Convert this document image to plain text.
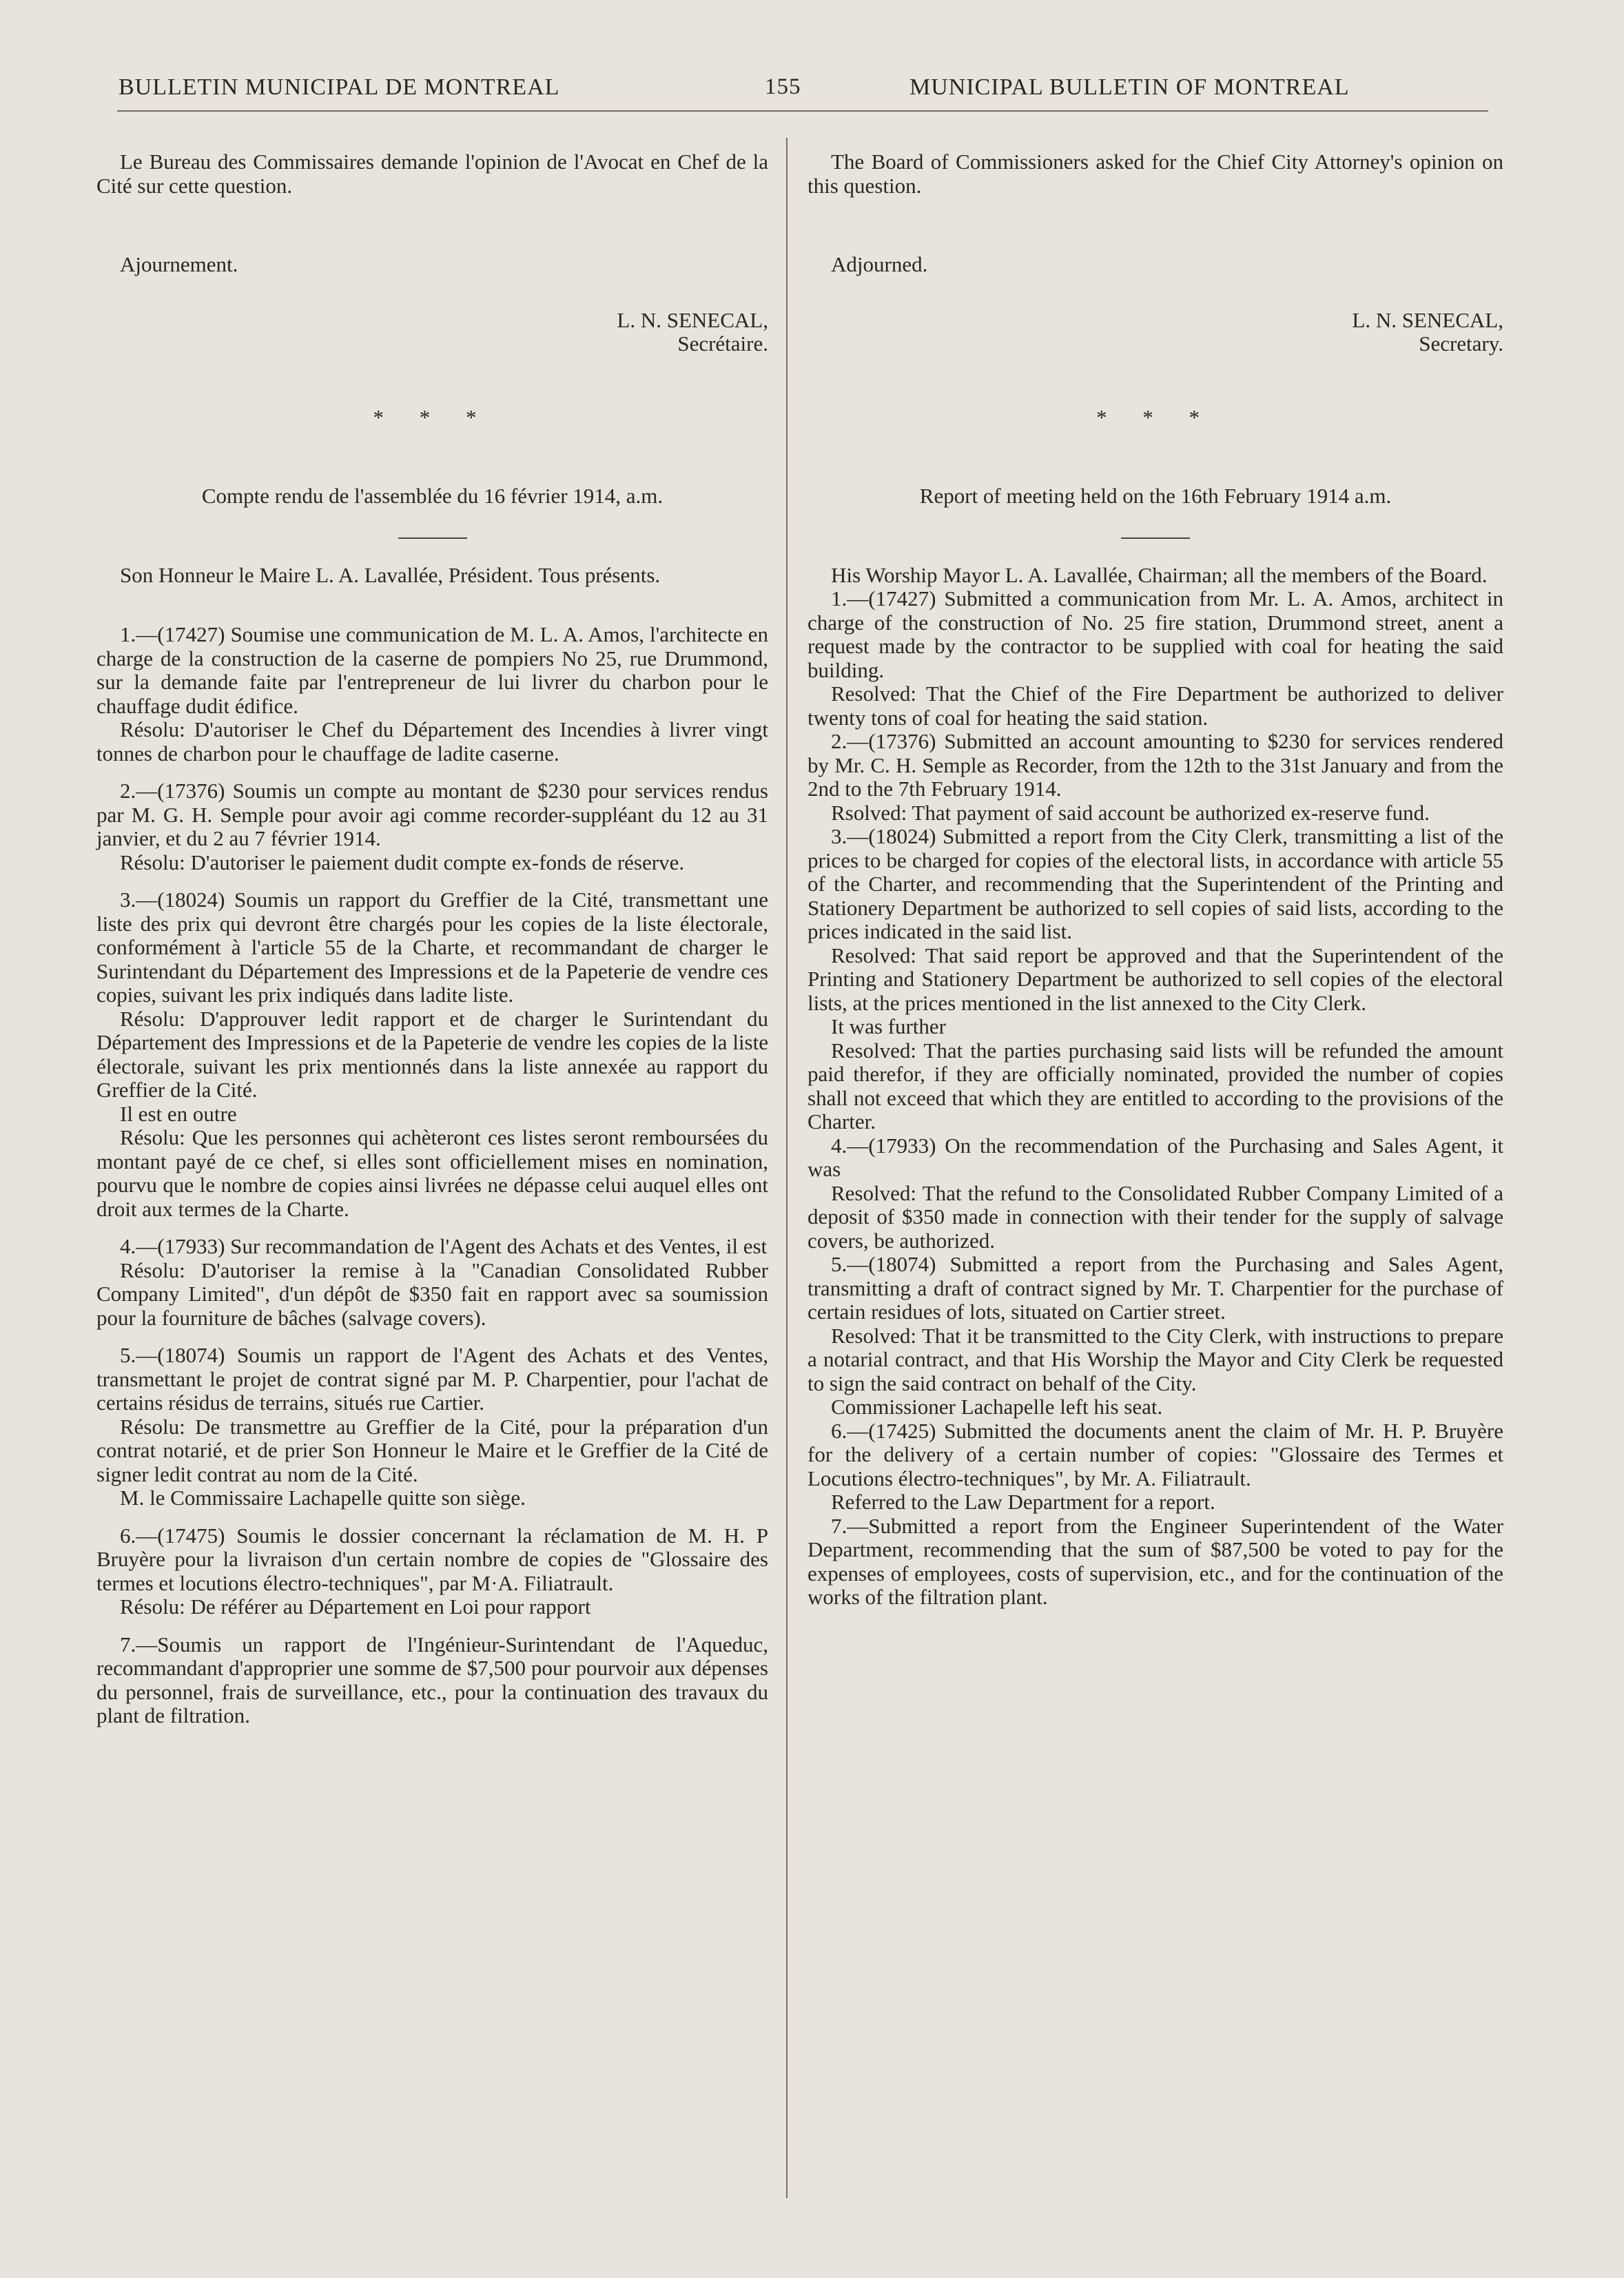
BULLETIN MUNICIPAL DE MONTREAL	155	MUNICIPAL BULLETIN OF MONTREAL

Le Bureau des Commissaires demande l'opinion de l'Avocat en Chef de la Cité sur cette question.

Ajournement.

L. N. SENECAL,

Secrétaire.

* * *

Compte rendu de l'assemblée du 16 février 1914, a.m.

Son Honneur le Maire L. A. Lavallée, Président. Tous présents.

1.—(17427) Soumise une communication de M. L. A. Amos, l'architecte en charge de la construction de la caserne de pompiers No 25, rue Drummond, sur la demande faite par l'entrepreneur de lui livrer du charbon pour le chauffage dudit édifice.

Résolu: D'autoriser le Chef du Département des Incendies à livrer vingt tonnes de charbon pour le chauffage de ladite caserne.

2.—(17376) Soumis un compte au montant de $230 pour services rendus par M. G. H. Semple pour avoir agi comme recorder-suppléant du 12 au 31 janvier, et du 2 au 7 février 1914.

Résolu: D'autoriser le paiement dudit compte ex-fonds de réserve.

3.—(18024) Soumis un rapport du Greffier de la Cité, transmettant une liste des prix qui devront être chargés pour les copies de la liste électorale, conformément à l'article 55 de la Charte, et recommandant de charger le Surintendant du Département des Impressions et de la Papeterie de vendre ces copies, suivant les prix indiqués dans ladite liste.

Résolu: D'approuver ledit rapport et de charger le Surintendant du Département des Impressions et de la Papeterie de vendre les copies de la liste électorale, suivant les prix mentionnés dans la liste annexée au rapport du Greffier de la Cité.

Il est en outre

Résolu: Que les personnes qui achèteront ces listes seront remboursées du montant payé de ce chef, si elles sont officiellement mises en nomination, pourvu que le nombre de copies ainsi livrées ne dépasse celui auquel elles ont droit aux termes de la Charte.

4.—(17933) Sur recommandation de l'Agent des Achats et des Ventes, il est

Résolu: D'autoriser la remise à la "Canadian Consolidated Rubber Company Limited", d'un dépôt de $350 fait en rapport avec sa soumission pour la fourniture de bâches (salvage covers).

5.—(18074) Soumis un rapport de l'Agent des Achats et des Ventes, transmettant le projet de contrat signé par M. P. Charpentier, pour l'achat de certains résidus de terrains, situés rue Cartier.

Résolu: De transmettre au Greffier de la Cité, pour la préparation d'un contrat notarié, et de prier Son Honneur le Maire et le Greffier de la Cité de signer ledit contrat au nom de la Cité.

M. le Commissaire Lachapelle quitte son siège.

6.—(17475) Soumis le dossier concernant la réclamation de M. H. P Bruyère pour la livraison d'un certain nombre de copies de "Glossaire des termes et locutions électro-techniques", par M·A. Filiatrault.

Résolu: De référer au Département en Loi pour rapport

7.—Soumis un rapport de l'Ingénieur-Surintendant de l'Aqueduc, recommandant d'approprier une somme de $7,500 pour pourvoir aux dépenses du personnel, frais de surveillance, etc., pour la continuation des travaux du plant de filtration.

The Board of Commissioners asked for the Chief City Attorney's opinion on this question.

Adjourned.

L. N. SENECAL,

Secretary.

* * *

Report of meeting held on the 16th February 1914 a.m.

His Worship Mayor L. A. Lavallée, Chairman; all the members of the Board.

1.—(17427) Submitted a communication from Mr. L. A. Amos, architect in charge of the construction of No. 25 fire station, Drummond street, anent a request made by the contractor to be supplied with coal for heating the said building.

Resolved: That the Chief of the Fire Department be authorized to deliver twenty tons of coal for heating the said station.

2.—(17376) Submitted an account amounting to $230 for services rendered by Mr. C. H. Semple as Recorder, from the 12th to the 31st January and from the 2nd to the 7th February 1914.

Rsolved: That payment of said account be authorized ex-reserve fund.

3.—(18024) Submitted a report from the City Clerk, transmitting a list of the prices to be charged for copies of the electoral lists, in accordance with article 55 of the Charter, and recommending that the Superintendent of the Printing and Stationery Department be authorized to sell copies of said lists, according to the prices indicated in the said list.

Resolved: That said report be approved and that the Superintendent of the Printing and Stationery Department be authorized to sell copies of the electoral lists, at the prices mentioned in the list annexed to the City Clerk.

It was further

Resolved: That the parties purchasing said lists will be refunded the amount paid therefor, if they are officially nominated, provided the number of copies shall not exceed that which they are entitled to according to the provisions of the Charter.

4.—(17933) On the recommendation of the Purchasing and Sales Agent, it was

Resolved: That the refund to the Consolidated Rubber Company Limited of a deposit of $350 made in connection with their tender for the supply of salvage covers, be authorized.

5.—(18074) Submitted a report from the Purchasing and Sales Agent, transmitting a draft of contract signed by Mr. T. Charpentier for the purchase of certain residues of lots, situated on Cartier street.

Resolved: That it be transmitted to the City Clerk, with instructions to prepare a notarial contract, and that His Worship the Mayor and City Clerk be requested to sign the said contract on behalf of the City.

Commissioner Lachapelle left his seat.

6.—(17425) Submitted the documents anent the claim of Mr. H. P. Bruyère for the delivery of a certain number of copies: "Glossaire des Termes et Locutions électro-techniques", by Mr. A. Filiatrault.

Referred to the Law Department for a report.

7.—Submitted a report from the Engineer Superintendent of the Water Department, recommending that the sum of $87,500 be voted to pay for the expenses of employees, costs of supervision, etc., and for the continuation of the works of the filtration plant.
